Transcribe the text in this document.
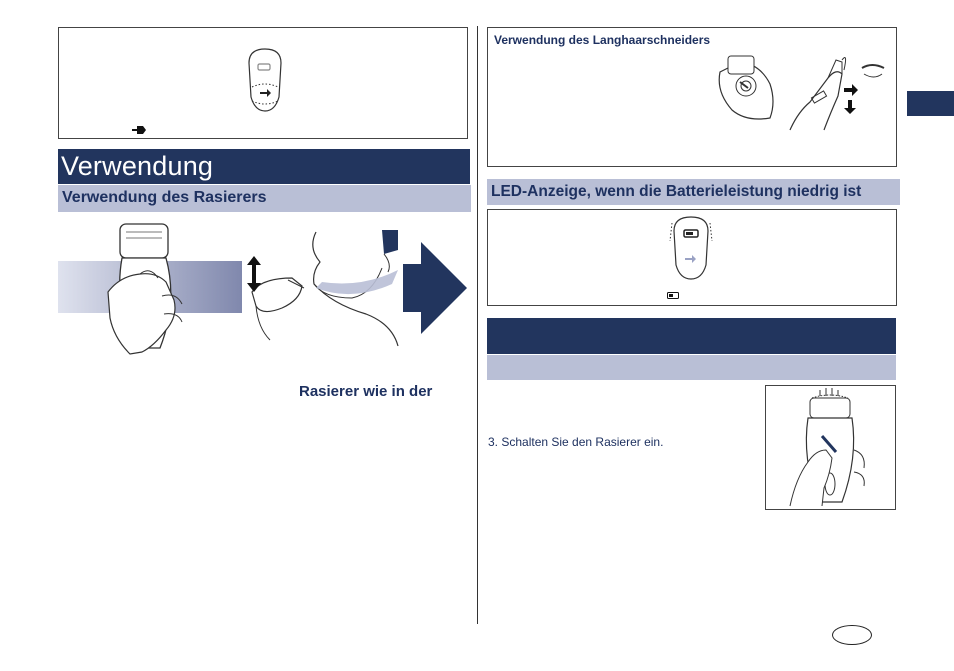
Verwendung
Verwendung des Rasierers
Rasierer wie in der
Verwendung des Langhaarschneiders
LED-Anzeige, wenn die Batterieleistung niedrig ist
3. Schalten Sie den Rasierer ein.
